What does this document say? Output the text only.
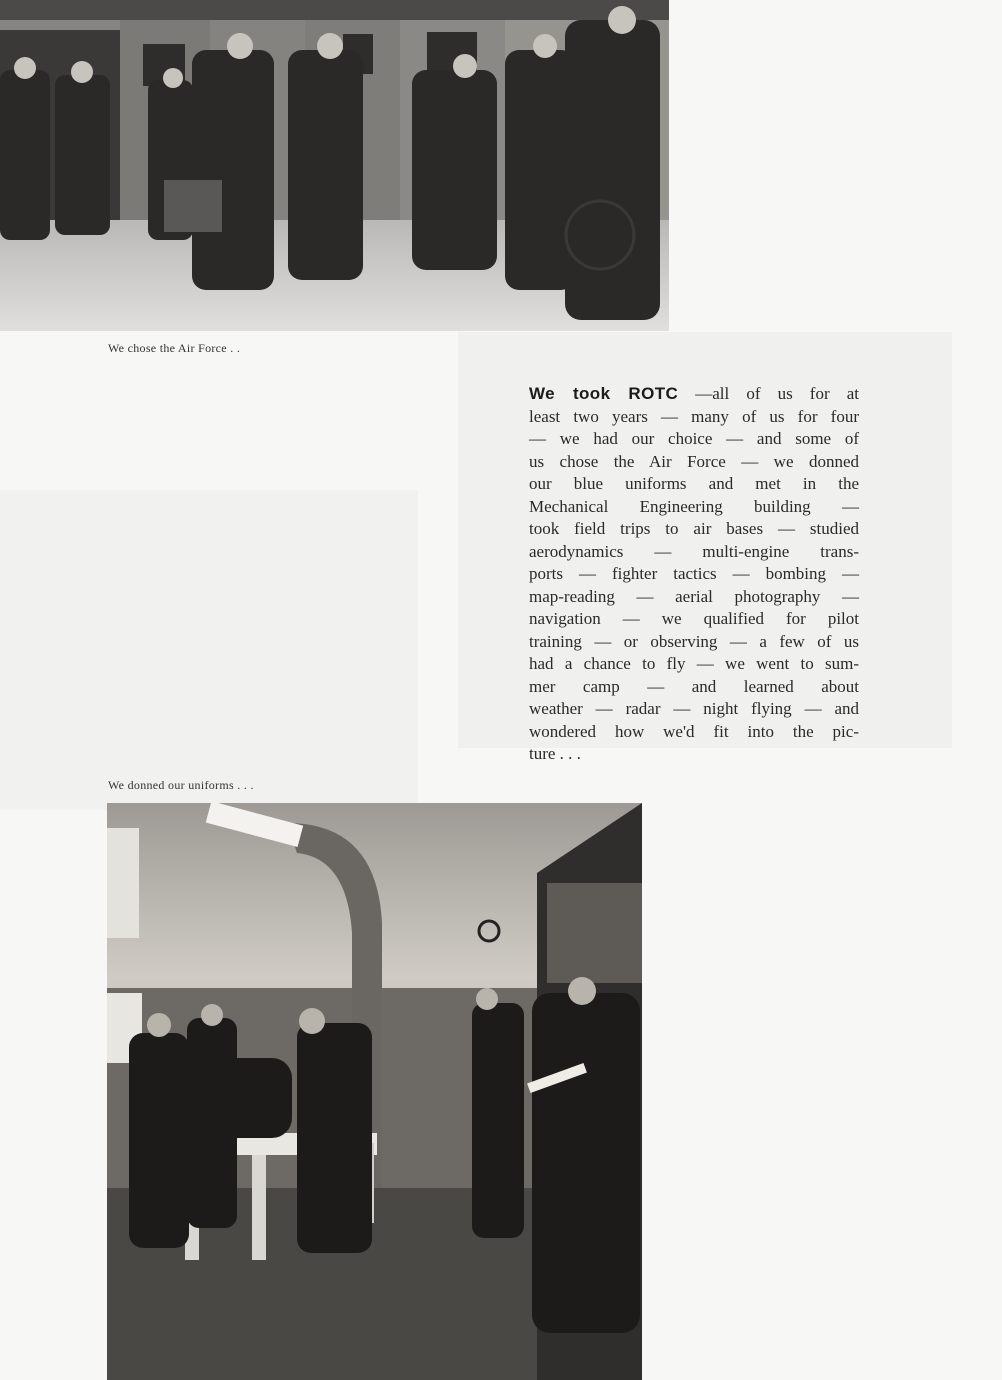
We chose the Air Force . .
We took ROTC —all of us for at
least two years — many of us for four
— we had our choice — and some of
us chose the Air Force — we donned
our blue uniforms and met in the
Mechanical Engineering building —
took field trips to air bases — studied
aerodynamics — multi-engine trans-
ports — fighter tactics — bombing —
map-reading — aerial photography —
navigation — we qualified for pilot
training — or observing — a few of us
had a chance to fly — we went to sum-
mer camp — and learned about
weather — radar — night flying — and
wondered how we'd fit into the pic-
ture . . .
We donned our uniforms . . .
